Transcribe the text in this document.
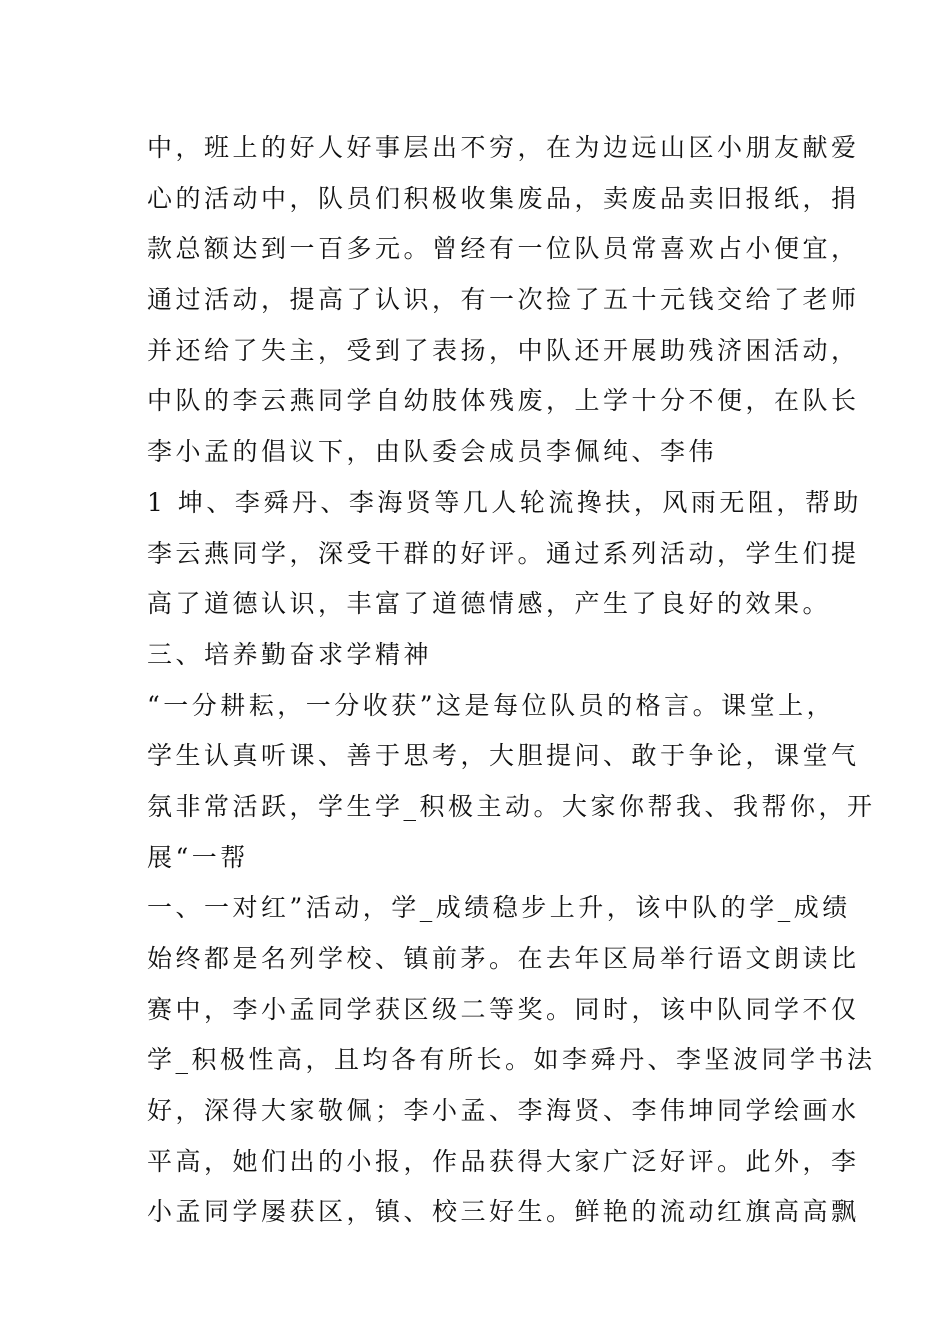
中，班上的好人好事层出不穷，在为边远山区小朋友献爱
心的活动中，队员们积极收集废品，卖废品卖旧报纸，捐
款总额达到一百多元。曾经有一位队员常喜欢占小便宜，
通过活动，提高了认识，有一次捡了五十元钱交给了老师
并还给了失主，受到了表扬，中队还开展助残济困活动，
中队的李云燕同学自幼肢体残废，上学十分不便，在队长
李小孟的倡议下，由队委会成员李佩纯、李伟
1 坤、李舜丹、李海贤等几人轮流搀扶，风雨无阻，帮助
李云燕同学，深受干群的好评。通过系列活动，学生们提
高了道德认识，丰富了道德情感，产生了良好的效果。
三、培养勤奋求学精神
“一分耕耘，一分收获”这是每位队员的格言。课堂上，
学生认真听课、善于思考，大胆提问、敢于争论，课堂气
氛非常活跃，学生学_积极主动。大家你帮我、我帮你，开
展“一帮
一、一对红”活动，学_成绩稳步上升，该中队的学_成绩
始终都是名列学校、镇前茅。在去年区局举行语文朗读比
赛中，李小孟同学获区级二等奖。同时，该中队同学不仅
学_积极性高，且均各有所长。如李舜丹、李坚波同学书法
好，深得大家敬佩；李小孟、李海贤、李伟坤同学绘画水
平高，她们出的小报，作品获得大家广泛好评。此外，李
小孟同学屡获区，镇、校三好生。鲜艳的流动红旗高高飘
